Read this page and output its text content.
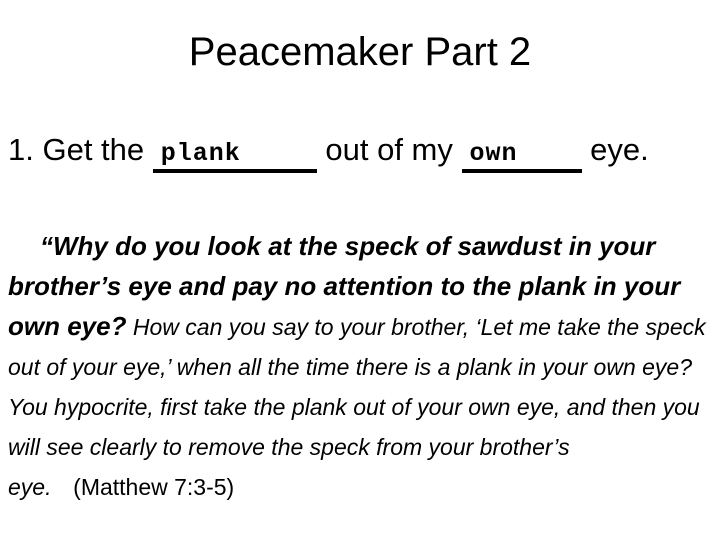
Peacemaker Part 2
1. Get the plank out of my own eye.
“Why do you look at the speck of sawdust in your brother’s eye and pay no attention to the plank in your own eye? How can you say to your brother, ‘Let me take the speck out of your eye,’ when all the time there is a plank in your own eye? You hypocrite, first take the plank out of your own eye, and then you will see clearly to remove the speck from your brother’s eye. (Matthew 7:3-5)
